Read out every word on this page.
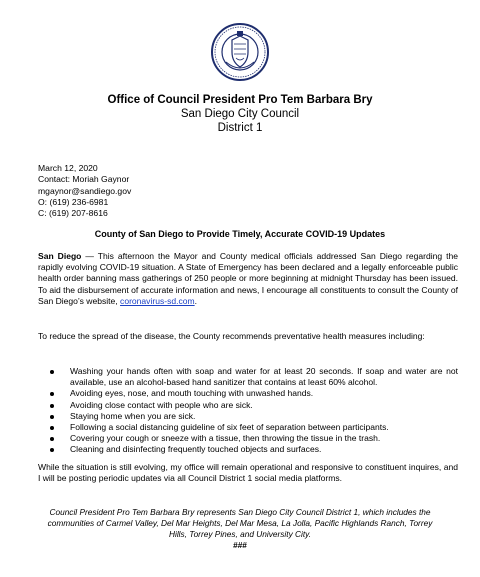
Office of Council President Pro Tem Barbara Bry
San Diego City Council
District 1
March 12, 2020
Contact: Moriah Gaynor
mgaynor@sandiego.gov
O: (619) 236-6981
C: (619) 207-8616
County of San Diego to Provide Timely, Accurate COVID-19 Updates
San Diego — This afternoon the Mayor and County medical officials addressed San Diego regarding the rapidly evolving COVID-19 situation. A State of Emergency has been declared and a legally enforceable public health order banning mass gatherings of 250 people or more beginning at midnight Thursday has been issued. To aid the disbursement of accurate information and news, I encourage all constituents to consult the County of San Diego’s website, coronavirus-sd.com.
To reduce the spread of the disease, the County recommends preventative health measures including:
Washing your hands often with soap and water for at least 20 seconds. If soap and water are not available, use an alcohol-based hand sanitizer that contains at least 60% alcohol.
Avoiding eyes, nose, and mouth touching with unwashed hands.
Avoiding close contact with people who are sick.
Staying home when you are sick.
Following a social distancing guideline of six feet of separation between participants.
Covering your cough or sneeze with a tissue, then throwing the tissue in the trash.
Cleaning and disinfecting frequently touched objects and surfaces.
While the situation is still evolving, my office will remain operational and responsive to constituent inquires, and I will be posting periodic updates via all Council District 1 social media platforms.
Council President Pro Tem Barbara Bry represents San Diego City Council District 1, which includes the communities of Carmel Valley, Del Mar Heights, Del Mar Mesa, La Jolla, Pacific Highlands Ranch, Torrey Hills, Torrey Pines, and University City.
###
